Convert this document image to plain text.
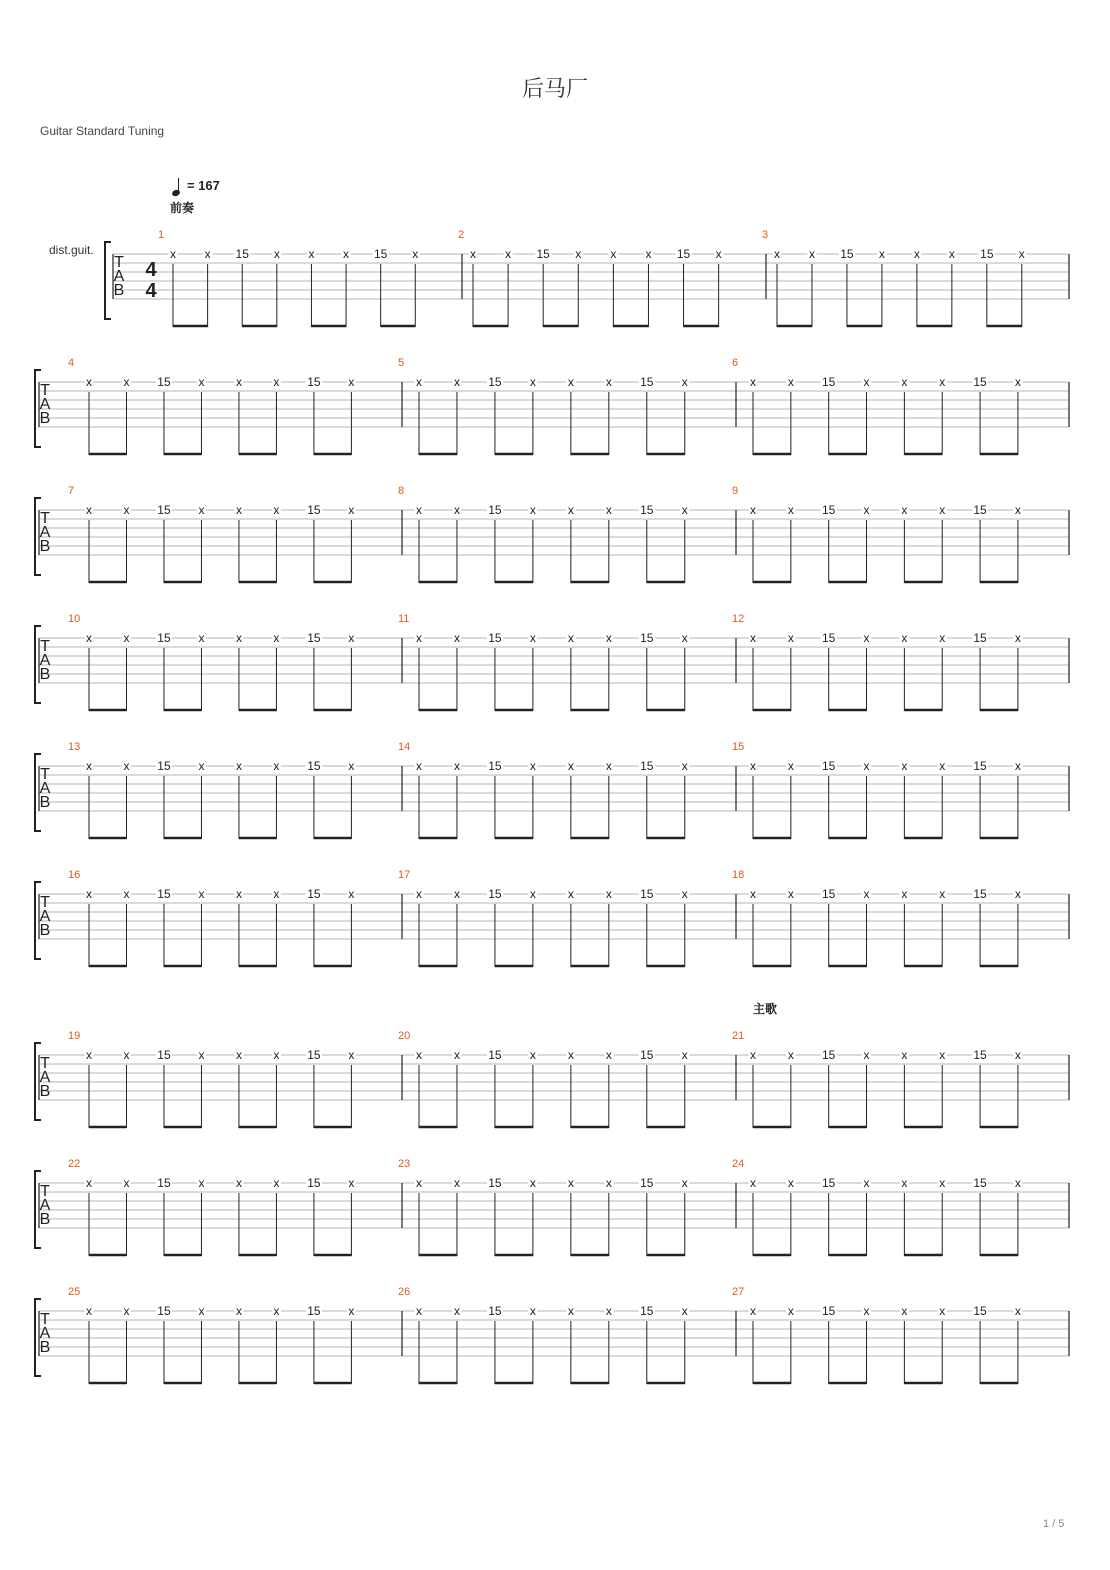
后马厂
Guitar Standard Tuning
= 167
前奏
主歌
dist.guit.
T
A
B
4
4
1
x x 15 x x x 15 x
2
x x 15 x x x 15 x
3
x x 15 x x x 15 x
T
A
B
4
x	x 15 x	x	x 15 x
5
x	x 15 x	x	x 15 x
6
x	x 15 x	x	x 15 x
T
A
B
7
x	x 15 x	x	x 15 x
8
x	x 15 x	x	x 15 x
9
x	x 15 x	x	x 15 x
T
A
B
10
x	x 15 x	x	x 15 x
11
x	x 15 x	x	x 15 x
12
x	x 15 x	x	x 15 x
T
A
B
13
x	x 15 x	x	x 15 x
14
x	x 15 x	x	x 15 x
15
x	x 15 x	x	x 15 x
T
A
B
16
x	x 15 x	x	x 15 x
17
x	x 15 x	x	x 15 x
18
x	x 15 x	x	x 15 x
T
A
B
19
x	x 15 x	x	x 15 x
20
x	x 15 x	x	x 15 x
21
x	x 15 x	x	x 15 x
T
A
B
22
x	x 15 x	x	x 15 x
23
x	x 15 x	x	x 15 x
24
x	x 15 x	x	x 15 x
T
A
B
25
x	x 15 x	x	x 15 x
26
x	x 15 x	x	x 15 x
27
x	x 15 x	x	x 15 x
1 / 5
